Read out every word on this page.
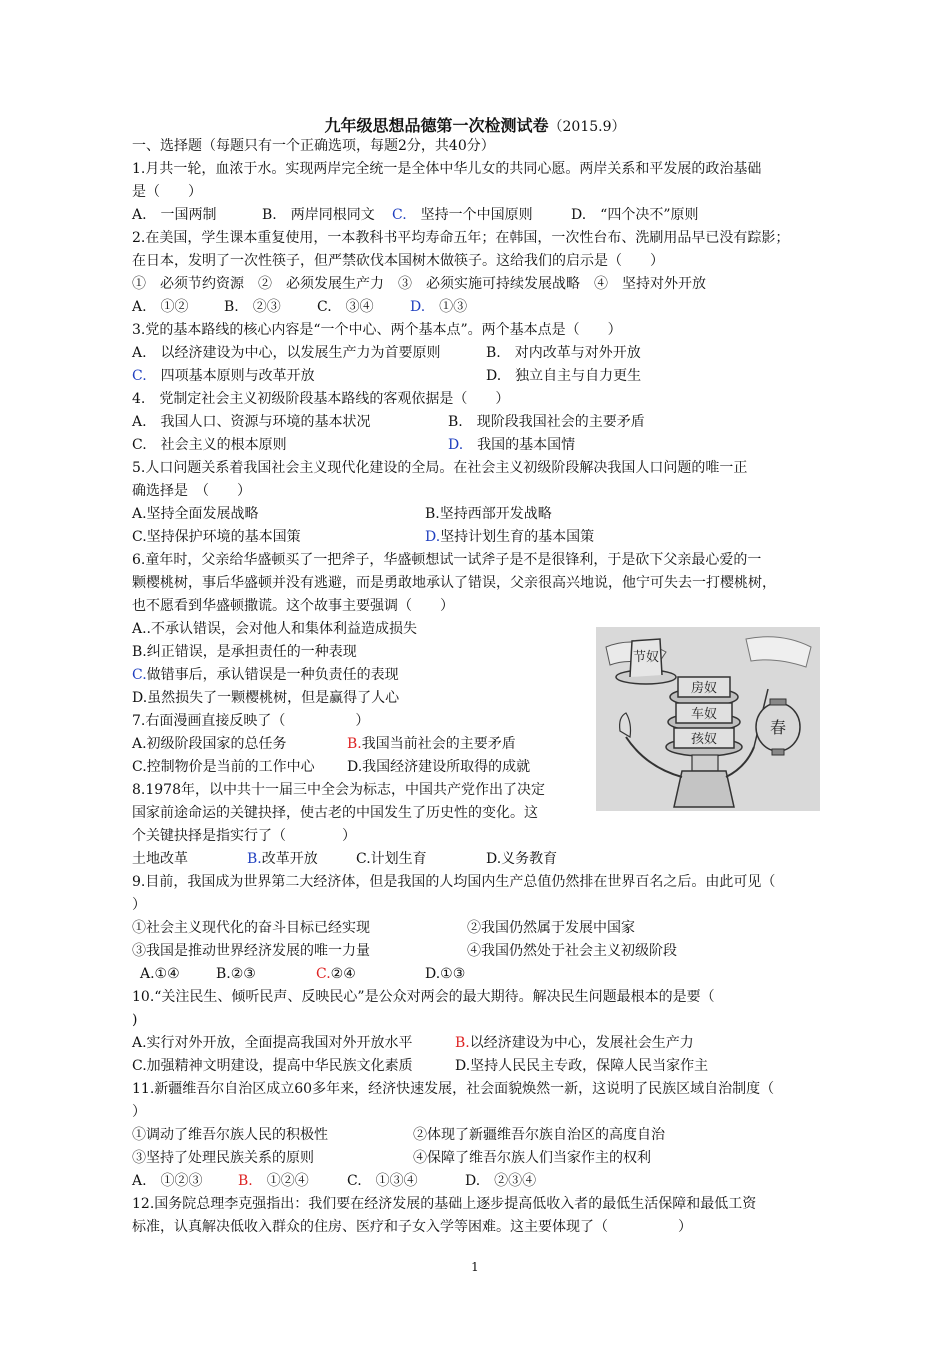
九年级思想品德第一次检测试卷（2015.9）
一、选择题（每题只有一个正确选项，每题2分，共40分）
1.月共一轮，血浓于水。实现两岸完全统一是全体中华儿女的共同心愿。两岸关系和平发展的政治基础
是（　　）
A.　一国两制	B.　两岸同根同文 C.　坚持一个中国原则	D.　“四个决不”原则
2.在美国，学生课本重复使用，一本教科书平均寿命五年；在韩国，一次性台布、洗刷用品早已没有踪影；
在日本，发明了一次性筷子，但严禁砍伐本国树木做筷子。这给我们的启示是（　　）
①　必须节约资源　②　必须发展生产力　③　必须实施可持续发展战略　④　坚持对外开放
A.　①②	B.　②③	C.　③④	D.　①③
3.党的基本路线的核心内容是“一个中心、两个基本点”。两个基本点是（　　）
A.　以经济建设为中心，以发展生产力为首要原则	B.　对内改革与对外开放
C.　四项基本原则与改革开放	D.　独立自主与自力更生
4.　党制定社会主义初级阶段基本路线的客观依据是（　　）
A.　我国人口、资源与环境的基本状况	B.　现阶段我国社会的主要矛盾
C.　社会主义的根本原则	D.　我国的基本国情
5.人口问题关系着我国社会主义现代化建设的全局。在社会主义初级阶段解决我国人口问题的唯一正
确选择是　（　　）
A.坚持全面发展战略	B.坚持西部开发战略
C.坚持保护环境的基本国策	D.坚持计划生育的基本国策
6.童年时，父亲给华盛顿买了一把斧子，华盛顿想试一试斧子是不是很锋利，于是砍下父亲最心爱的一
颗樱桃树，事后华盛顿并没有逃避，而是勇敢地承认了错误，父亲很高兴地说，他宁可失去一打樱桃树，
也不愿看到华盛顿撒谎。这个故事主要强调（　　）
A..不承认错误，会对他人和集体利益造成损失
B.纠正错误，是承担责任的一种表现
C.做错事后，承认错误是一种负责任的表现
D.虽然损失了一颗樱桃树，但是赢得了人心
7.右面漫画直接反映了（　　　　　）
A.初级阶段国家的总任务	B.我国当前社会的主要矛盾
C.控制物价是当前的工作中心 D.我国经济建设所取得的成就
8.1978年，以中共十一届三中全会为标志，中国共产党作出了决定
国家前途命运的关键抉择，使古老的中国发生了历史性的变化。这
个关键抉择是指实行了（　　　　）
土地改革	B.改革开放	C.计划生育	D.义务教育
9.目前，我国成为世界第二大经济体，但是我国的人均国内生产总值仍然排在世界百名之后。由此可见（
）
①社会主义现代化的奋斗目标已经实现	②我国仍然属于发展中国家
③我国是推动世界经济发展的唯一力量	④我国仍然处于社会主义初级阶段
A.①④	B.②③	C.②④	D.①③
10.“关注民生、倾听民声、反映民心”是公众对两会的最大期待。解决民生问题最根本的是要（
)
A.实行对外开放，全面提高我国对外开放水平	B.以经济建设为中心，发展社会生产力
C.加强精神文明建设，提高中华民族文化素质	D.坚持人民民主专政，保障人民当家作主
11.新疆维吾尔自治区成立60多年来，经济快速发展，社会面貌焕然一新，这说明了民族区域自治制度（
）
①调动了维吾尔族人民的积极性	②体现了新疆维吾尔族自治区的高度自治
③坚持了处理民族关系的原则	④保障了维吾尔族人们当家作主的权利
A.　①②③	B.　①②④	C.　①③④	D.　②③④
12.国务院总理李克强指出：我们要在经济发展的基础上逐步提高低收入者的最低生活保障和最低工资
标准，认真解决低收入群众的住房、医疗和子女入学等困难。这主要体现了（　　　　　）
节奴
房奴
车奴
孩奴
春
1
